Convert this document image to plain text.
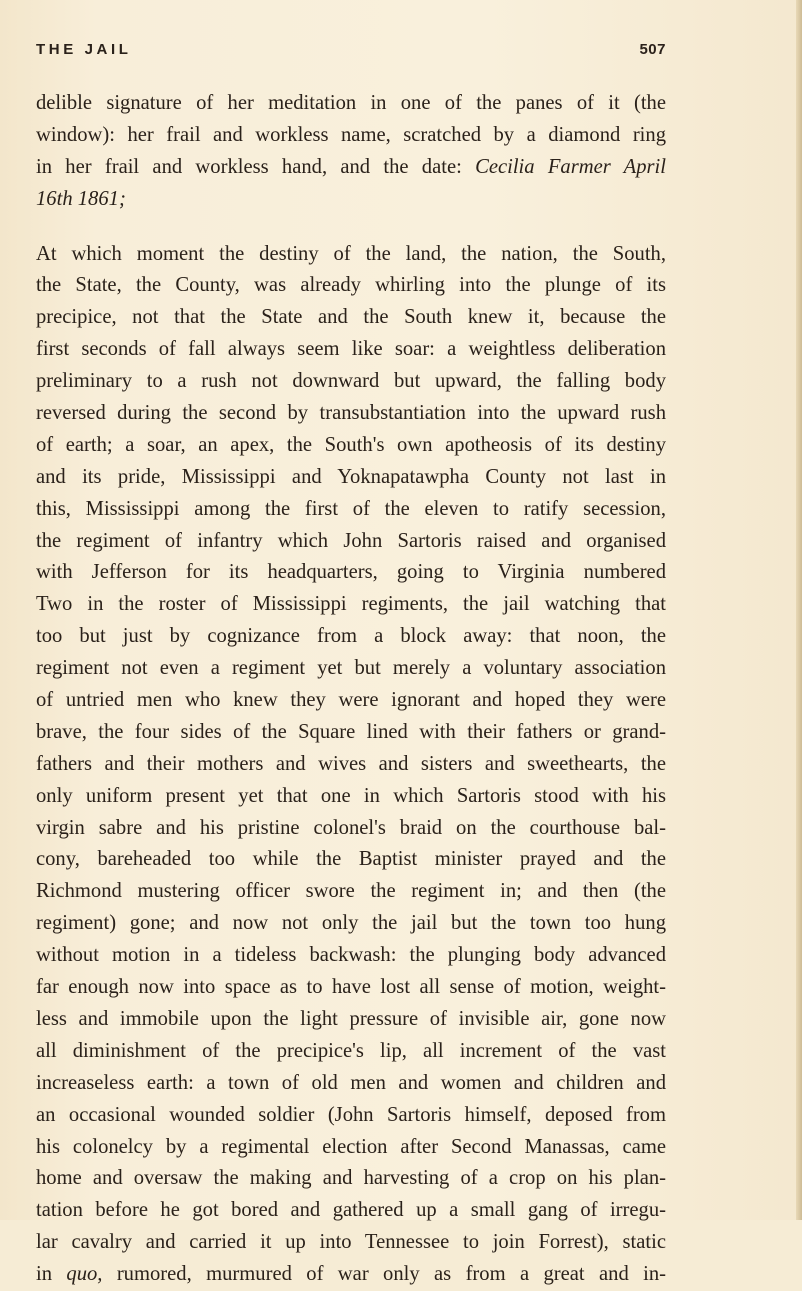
THE JAIL	507
delible signature of her meditation in one of the panes of it (the
window): her frail and workless name, scratched by a diamond ring
in her frail and workless hand, and the date: Cecilia Farmer April
16th 1861;
At which moment the destiny of the land, the nation, the South,
the State, the County, was already whirling into the plunge of its
precipice, not that the State and the South knew it, because the
first seconds of fall always seem like soar: a weightless deliberation
preliminary to a rush not downward but upward, the falling body
reversed during the second by transubstantiation into the upward rush
of earth; a soar, an apex, the South's own apotheosis of its destiny
and its pride, Mississippi and Yoknapatawpha County not last in
this, Mississippi among the first of the eleven to ratify secession,
the regiment of infantry which John Sartoris raised and organised
with Jefferson for its headquarters, going to Virginia numbered
Two in the roster of Mississippi regiments, the jail watching that
too but just by cognizance from a block away: that noon, the
regiment not even a regiment yet but merely a voluntary association
of untried men who knew they were ignorant and hoped they were
brave, the four sides of the Square lined with their fathers or grand-
fathers and their mothers and wives and sisters and sweethearts, the
only uniform present yet that one in which Sartoris stood with his
virgin sabre and his pristine colonel's braid on the courthouse bal-
cony, bareheaded too while the Baptist minister prayed and the
Richmond mustering officer swore the regiment in; and then (the
regiment) gone; and now not only the jail but the town too hung
without motion in a tideless backwash: the plunging body advanced
far enough now into space as to have lost all sense of motion, weight-
less and immobile upon the light pressure of invisible air, gone now
all diminishment of the precipice's lip, all increment of the vast
increaseless earth: a town of old men and women and children and
an occasional wounded soldier (John Sartoris himself, deposed from
his colonelcy by a regimental election after Second Manassas, came
home and oversaw the making and harvesting of a crop on his plan-
tation before he got bored and gathered up a small gang of irregu-
lar cavalry and carried it up into Tennessee to join Forrest), static
in quo, rumored, murmured of war only as from a great and in-
